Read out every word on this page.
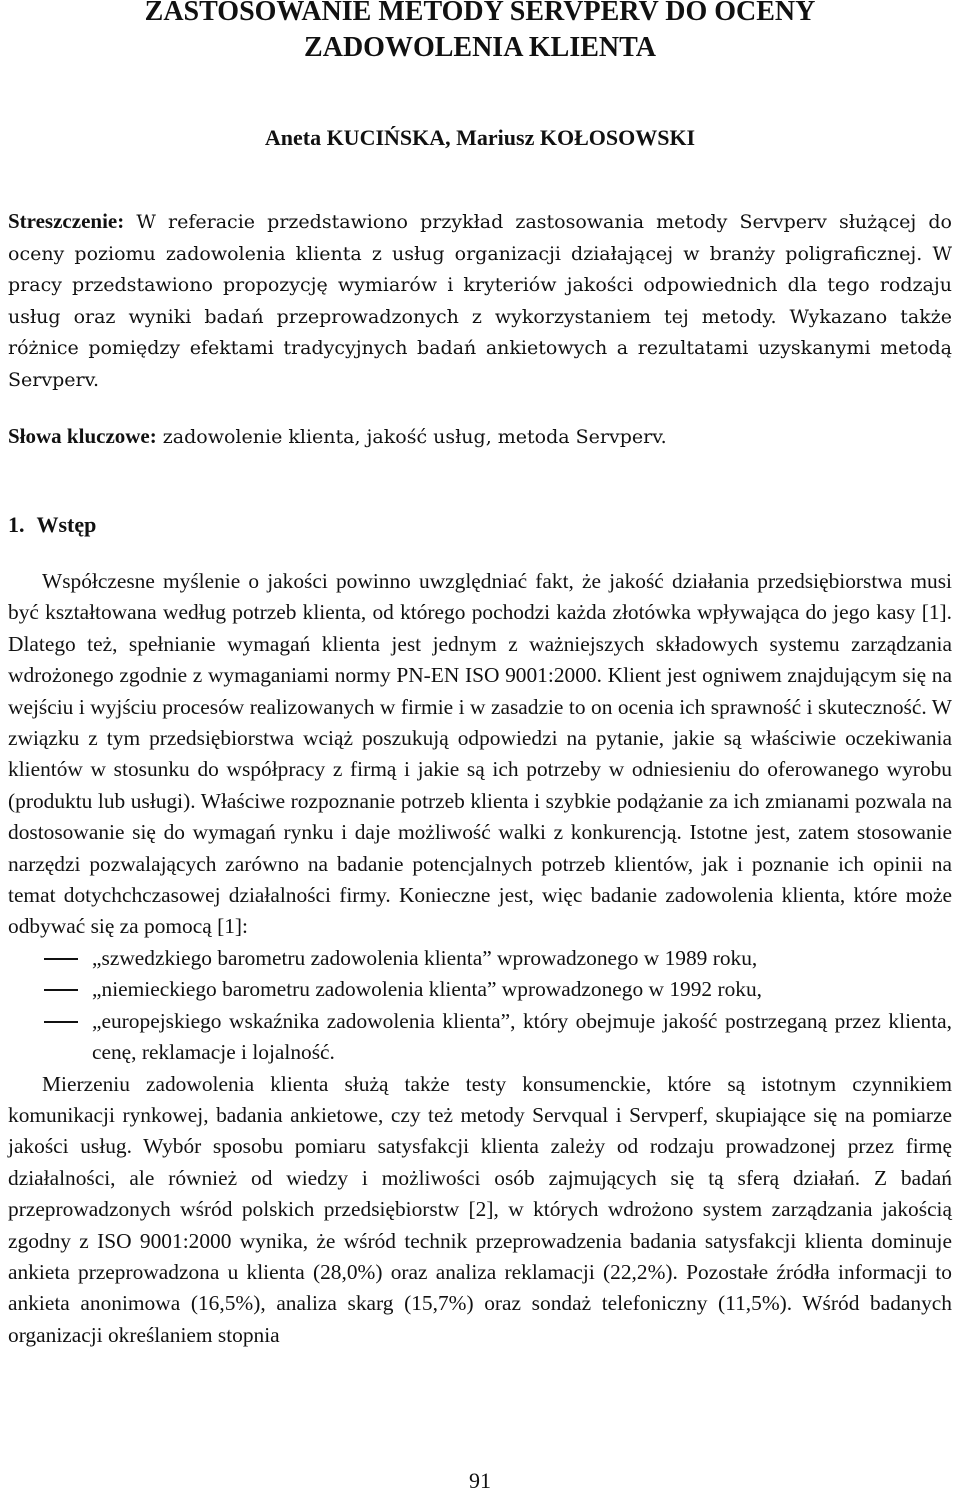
ZASTOSOWANIE METODY SERVPERV DO OCENY
ZADOWOLENIA KLIENTA
Aneta KUCIŃSKA, Mariusz KOŁOSOWSKI
Streszczenie: W referacie przedstawiono przykład zastosowania metody Servperv służącej do oceny poziomu zadowolenia klienta z usług organizacji działającej w branży poligraficznej. W pracy przedstawiono propozycję wymiarów i kryteriów jakości odpowiednich dla tego rodzaju usług oraz wyniki badań przeprowadzonych z wykorzystaniem tej metody. Wykazano także różnice pomiędzy efektami tradycyjnych badań ankietowych a rezultatami uzyskanymi metodą Servperv.
Słowa kluczowe: zadowolenie klienta, jakość usług, metoda Servperv.
1. Wstęp

Współczesne myślenie o jakości powinno uwzględniać fakt, że jakość działania przedsiębiorstwa musi być kształtowana według potrzeb klienta, od którego pochodzi każda złotówka wpływająca do jego kasy [1]. Dlatego też, spełnianie wymagań klienta jest jednym z ważniejszych składowych systemu zarządzania wdrożonego zgodnie z wymaganiami normy PN-EN ISO 9001:2000. Klient jest ogniwem znajdującym się na wejściu i wyjściu procesów realizowanych w firmie i w zasadzie to on ocenia ich sprawność i skuteczność. W związku z tym przedsiębiorstwa wciąż poszukują odpowiedzi na pytanie, jakie są właściwie oczekiwania klientów w stosunku do współpracy z firmą i jakie są ich potrzeby w odniesieniu do oferowanego wyrobu (produktu lub usługi). Właściwe rozpoznanie potrzeb klienta i szybkie podążanie za ich zmianami pozwala na dostosowanie się do wymagań rynku i daje możliwość walki z konkurencją. Istotne jest, zatem stosowanie narzędzi pozwalających zarówno na badanie potencjalnych potrzeb klientów, jak i poznanie ich opinii na temat dotychchczasowej działalności firmy. Konieczne jest, więc badanie zadowolenia klienta, które może odbywać się za pomocą [1]:

„szwedzkiego barometru zadowolenia klienta” wprowadzonego w 1989 roku,
„niemieckiego barometru zadowolenia klienta” wprowadzonego w 1992 roku,
„europejskiego wskaźnika zadowolenia klienta”, który obejmuje jakość postrzeganą przez klienta, cenę, reklamacje i lojalność.

Mierzeniu zadowolenia klienta służą także testy konsumenckie, które są istotnym czynnikiem komunikacji rynkowej, badania ankietowe, czy też metody Servqual i Servperf, skupiające się na pomiarze jakości usług. Wybór sposobu pomiaru satysfakcji klienta zależy od rodzaju prowadzonej przez firmę działalności, ale również od wiedzy i możliwości osób zajmujących się tą sferą działań. Z badań przeprowadzonych wśród polskich przedsiębiorstw [2], w których wdrożono system zarządzania jakością zgodny z ISO 9001:2000 wynika, że wśród technik przeprowadzenia badania satysfakcji klienta dominuje ankieta przeprowadzona u klienta (28,0%) oraz analiza reklamacji (22,2%). Pozostałe źródła informacji to ankieta anonimowa (16,5%), analiza skarg (15,7%) oraz sondaż telefoniczny (11,5%). Wśród badanych organizacji określaniem stopnia

91
